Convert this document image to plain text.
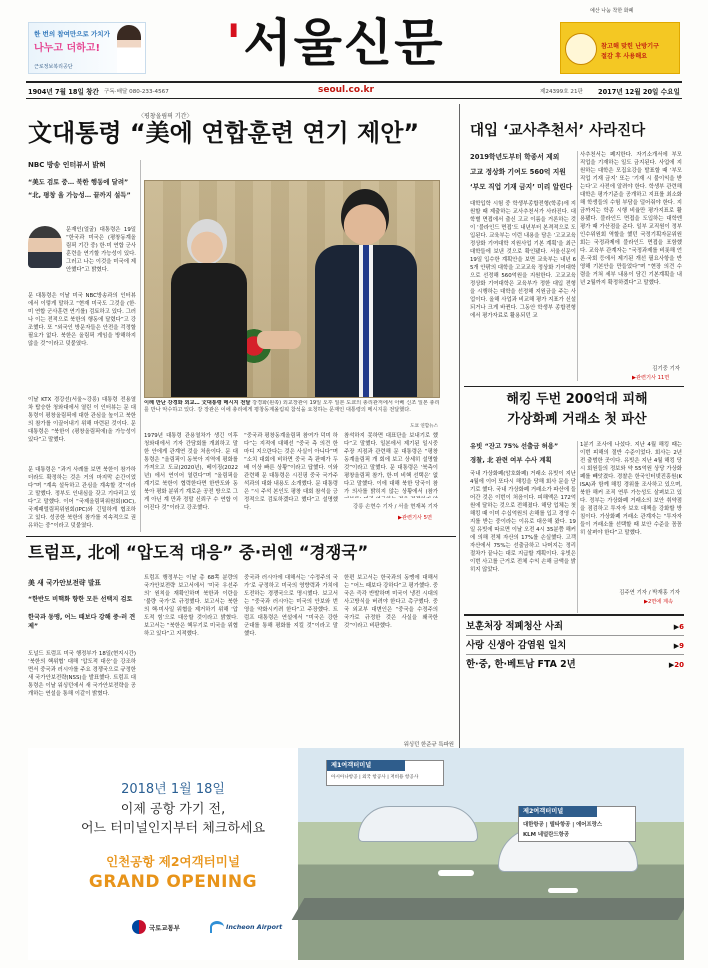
한 번의 참여만으로 가치가
나누고 더하고!
근로정보복리공단	'서울신문	참고해 맞힌 난방기구
절감 후 사용해요
예산 나눔 착한 화폐
1904년 7월 18일 창간 구독·배달 080-233-4567	seoul.co.kr	제24399호 21판 2017년 12월 20일 수요일
〈평창올림픽 기간〉
文대통령 “美에 연합훈련 연기 제안”
NBC 방송 인터뷰서 밝혀
“美도 검토 중… 북한 행동에 달려”
“北, 평창 올 가능성… 끝까지 설득”
문재인(얼굴) 대통령은 19일 “한국과 미국은 (평창동계올림픽 기간 중) 한·미 연합 군사훈련을 연기할 가능성이 있다. 그러고 나는 이것을 미국에 제안했다”고 밝혔다.
문 대통령은 이날 미국 NBC방송과의 인터뷰에서 이렇게 말하고 “현재 미국도 그것을 (한·미 연합 군사훈련 연기를) 검토하고 있다. 그러나 이는 전적으로 북한의 행동에 달렸다”고 강조했다. 또 “외국인 방문자들은 안전을 걱정할 필요가 없다. 북한은 올림픽 게임을 방해하지 않을 것”이라고 덧붙였다.
이날 KTX 경강선(서울~강릉) 대통령 전용열차 탑승한 청와대에서 열린 이 인터뷰는 문 대통령이 평창올림픽에 대한 관심을 높이고 북한의 참가를 이끌어내기 위해 마련된 것이다. 문 대통령은 “북한이 (평창올림픽에)올 가능성이 있다”고 말했다.
문 대통령은 “과거 사례를 보면 북한이 참가하더라도 확정하는 것은 거의 마지막 순간이었다”며 “계속 설득하고 관심을 계속할 것”이라고 말했다. 정부도 인내심을 갖고 기다리고 있다”고 말했다. 이어 “국제올림픽위원회(IOC), 국제패럴림픽위원회(IPC)와 긴밀하게 협조하고 있다. 성공한 북한의 참가를 지속적으로 권유하는 중”이라고 덧붙였다.
이례 만난 강경화 외교… 文대통령 메시지 전달 강경화(왼쪽) 외교장관이 19일 오후 일본 도쿄의 총리관저에서 아베 신조 일본 총리를 만나 악수하고 있다. 강 장관은 이에 총리에게 평창동계올림픽 참석을 요청하는 문재인 대통령의 메시지를 전달했다.
도쿄 연합뉴스
1979년 대통령 관용열차가 생긴 이후 청와대에서 기자 간담회를 개최하고 말한 안에게 관계연 것을 처음이다. 문 대통령은 “올림픽이 동북아 지역에 평화를 가져오고 도쿄(2020년), 베이징(2022년) 에서 연이어 열린다”며 “올림픽을 계기로 북한이 협력한다면 한반도와 동북아 평화 분위기 계로운 공전 방으로 그게 아닌 계 만과 정말 신뢰구 수 연합 이어진다 것”이라고 강조했다.
“중국과 평창동계올림픽 참여가 덕미 하다”는 지적에 대해선 “중국 측 의견 한 마디 지으란다는 것은 사실이 아니다”며 “소치 대회에 비하면 중국 측 판매가 두 배 이상 빠른 상황”이라고 답했다. 이와 관련해 문 대통령은 시진핑 중국 국가주석과의 대화 내용도 소개했다. 문 대통령은 “시 주석 본인도 평창 대회 참석을 긍정적으로 검토하겠다고 했다”고 설명했다.
참석하지 못하면 대표단을 보내기로 했다”고 말했다. 일본에서 제기된 일시중주장 지점과 관련해 문 대통령은 “평창동계올림픽 개 회에 보고 상세히 설명할 것”이라고 말했다. 문 대통령은 ‘북측이 평창올림픽 참가, 한·미 비핵 선택은’ 없다고 말했다. 이에 대해 북한 당국이 참가 의사를 밝히지 않는 상황에서 (참가
강릉 손현수 기자 / 서울 현재복 기자
▶관련기사 5면
트럼프, 北에 “압도적 대응” 중·러엔 “경쟁국”
美 새 국가안보전략 발표
“한반도 비핵화 향한 모든 선택지 검토
한국과 동맹, 어느 때보다 강해 중·러 견제”
도널드 트럼프 미국 행정부가 18일(현지시간) ‘북한의 핵위협’ 대해 ‘압도적 대응’을 강조하면서 중국과 러시아를 주요 경쟁국으로 규정한 새 국가안보전략(NSS)을 발표했다. 트럼프 대통령은 이날 워싱턴에서 새 국가안보전략을 공개하는 연설을 통해 이같이 밝혔다.
트럼프 행정부는 이날 총 68쪽 분량의 국가안보전략 보고서에서 ‘미국 우선주의’ 원칙을 재확인하며 북한과 이란을 ‘불량 국가’로 규정했다. 보고서는 북한의 핵·미사일 위협을 제거하기 위해 ‘압도적 힘’으로 대응할 것이라고 밝혔다. 보고서는 “북한은 핵무기로 미국을 위협하고 있다”고 지적했다.
중국과 러시아에 대해서는 ‘수정주의 국가’로 규정하고 미국의 영향력과 가치에 도전하는 경쟁국으로 명시했다. 보고서는 “중국과 러시아는 미국의 안보와 번영을 약화시키려 한다”고 주장했다. 트럼프 대통령은 연설에서 “미국은 강한 군대를 통해 평화를 지킬 것”이라고 말했다.
한편 보고서는 한국과의 동맹에 대해서는 “어느 때보다 강하다”고 평가했다. 중국은 즉각 반발하며 미국이 냉전 시대의 사고방식을 버려야 한다고 촉구했다. 중국 외교부 대변인은 “중국을 수정주의 국가로 규정한 것은 사실을 왜곡한 것”이라고 비판했다.
워싱턴 한준규 특파원
대입 ‘교사추천서’ 사라진다
2019학년도부터 학종서 제외
고교 정상화 기여도 560억 지원
‘부모 직업 기재 금지’ 미리 알린다
대학입학 시험 중 학생부종합전형(학종)에 지원할 때 제출하는 교사추천서가 사라진다. 대학별 면접에서 출신 고교 이름을 거론하는 것이 ‘블라인드 면접’도 내년부터 본격적으로 도입된다. 교육부는 이런 내용을 담은 ‘고교교육 정상화 기여대학 지원사업 기본 계획’을 최근 대학들에 보낸 것으로 확인됐다. 서울신문이 19일 입수한 계획안을 보면 교육부는 내년 65개 안팎의 대학을 고교교육 정상화 기여대학으로 선정해 560억원을 지원한다. 고교교육 정상화 기여대학은 교육부가 정한 대입 전형을 시행하는 대학을 선정해 지원금을 주는 사업이다. 올해 사업과 비교해 평가 지표가 신설되거나 크게 바뀐다. 그동안 학생부 종합전형에서 평가자료로 활용되던 교
사추천서는 폐지한다. 자기소개서에 부모 직업을 기재하는 일도 금지된다. 사업에 지원하는 대학은 모집요강을 발표할 때 ‘부모 직업 기재 금지’ 또는 ‘기재 시 불이익을 받는다’고 사전에 알려야 한다. 학생부 관련해 대학은 평가기준을 공개하고 지표를 최소화해 학생들의 수험 부담을 덜어줘야 한다. 지금까지는 학종 시행 비율만 평가지표로 활용됐다. 블라인드 면접을 도입하는 대학엔 평가 때 가산점을 준다. 일부 교직원이 정부 인수위원회 역할을 했던 국정기획자문위원회는 국정과제에 블라인드 면접을 포함했다. 교육부 관계자는 “국정과제를 비롯해 언론·국회 등에서 제기된 개선 필요사항을 반영해 기본안을 만들었다”며 “현장 의견 수렴을 거쳐 세부 내용이 담긴 기본계획을 내년 2월까지 확정하겠다”고 말했다.
김기중 기자
▶관련기사 11면
해킹 두번 200억대 피해
가상화폐 거래소 첫 파산
유빗 “잔고 75% 선출금 허용”
경찰, 北 관련 여부 수사 계획
국내 가상화폐(암호화폐) 거래소 유빗이 지난 4월에 이어 또다시 해킹을 당해 회사 문을 닫기로 했다. 국내 가상화폐 거래소가 파산에 들어간 것은 이번이 처음이다. 피해액은 172억원에 달하는 것으로 전해졌다. 해당 업체는 첫 해킹 때 이미 수십억원의 손해를 입고 경영 수지를 받는 중이라는 이유로 대응해 왔다. 19일 유빗에 따르면 이날 오전 4시 35분쯤 해커에 의해 전체 자산의 17%를 손실했다. 고객 자산에서 75%는 선출금하고 나머지는 정리 절차가 끝나는 대로 지급할 계획이다. 유빗은 이번 사고를 근거로 전체 수익 손해 금액을 밝히지 않았다.
1분기 조사에 나섰다. 지난 4월 해킹 때는 이번 피해의 절반 수준이었다. 회사는 2년 전 출범한 곳이다. 유빗은 지난 4월 해킹 당시 회원들의 정보와 약 55억원 상당 가상화폐를 빼앗겼다. 경찰은 한국인터넷진흥원(KISA)과 함께 해킹 경위를 조사하고 있으며, 북한 해커 조직 연루 가능성도 살펴보고 있다. 정부는 가상화폐 거래소의 보안 취약점을 점검하고 투자자 보호 대책을 강화할 방침이다. 가상화폐 거래소 관계자는 “투자자들이 거래소를 선택할 때 보안 수준을 꼼꼼히 살펴야 한다”고 말했다.
김주연 기자 / 박재홍 기자
▶2면에 계속
보훈처장 적폐청산 사죄	▶6
사랑 신생아 감염원 일치	▶9
한·중, 한·베트남 FTA 2년	▶20
제1여객터미널
아시아나항공 | 외국 항공사 | 저비용 항공사
제2여객터미널
대한항공 | 델타항공 | 에어프랑스
KLM 네덜란드항공
2018년 1월 18일
이제 공항 가기 전,
어느 터미널인지부터 체크하세요
인천공항 제2여객터미널
GRAND OPENING
국토교통부	Incheon Airport
